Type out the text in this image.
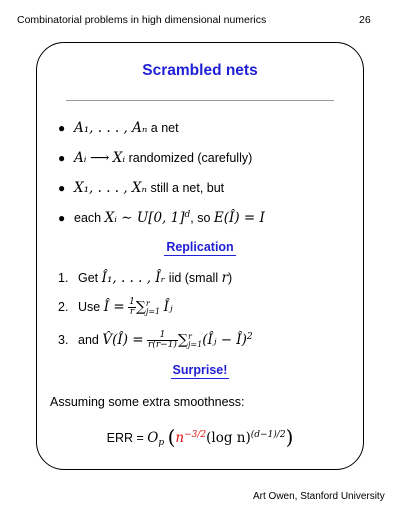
Combinatorial problems in high dimensional numerics	26
Scrambled nets
● A₁, . . . , Aₙ a net
● Aᵢ ⟶ Xᵢ randomized (carefully)
● X₁, . . . , Xₙ still a net, but
● each Xᵢ ∼ U[0, 1]$^d$, so E(Î) = I
Replication
1. Get Î₁, . . . , Îᵣ iid (small r)
2. Use Î = $\frac{1}{r} \sum r$
j=1 Îⱼ
3. and V̂(Î) = $\frac{1}{r(r-1)} \sum r$
j=1(Îⱼ − Î)$^2$
Surprise!
Assuming some extra smoothness:
ERR = $O_p$ ($n^{-3/2}(\log$ n)$^{(d-1)/2}$)
Art Owen, Stanford University
